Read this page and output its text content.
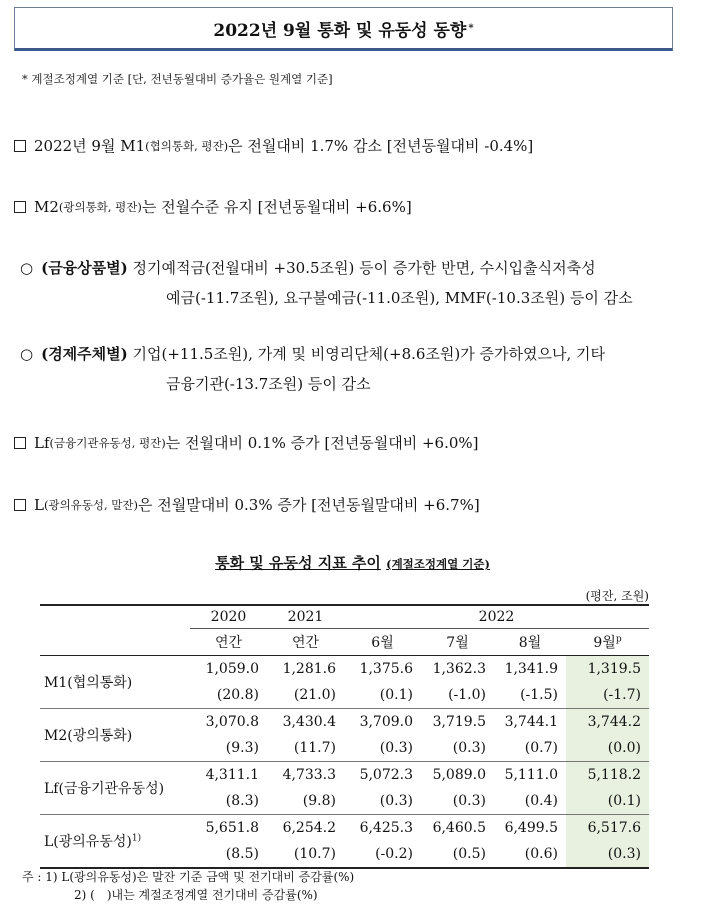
2022년 9월 통화 및 유동성 동향 *
* 계절조정계열 기준 [단, 전년동월대비 증가율은 원계열 기준]
2022년 9월 M1 (협의통화, 평잔) 은 전월대비 1.7% 감소 [전년동월대비 -0.4%]
M2 (광의통화, 평잔) 는 전월수준 유지 [전년동월대비 +6.6%]
○ (금융상품별) 정기예적금(전월대비 +30.5조원) 등이 증가한 반면, 수시입출식저축성
예금(-11.7조원), 요구불예금(-11.0조원), MMF(-10.3조원) 등이 감소
○ (경제주체별) 기업(+11.5조원), 가계 및 비영리단체(+8.6조원)가 증가하였으나, 기타
금융기관(-13.7조원) 등이 감소
Lf (금융기관유동성, 평잔) 는 전월대비 0.1% 증가 [전년동월대비 +6.0%]
L (광의유동성, 말잔) 은 전월말대비 0.3% 증가 [전년동월말대비 +6.7%]
통화 및 유동성 지표 추이 (계절조정계열 기준)
(평잔, 조원)
	2020	2021	2022			
	연간	연간	6월	7월	8월	9월$^p$
M1(협의통화)	1,059.0	1,281.6	1,375.6	1,362.3	1,341.9	1,319.5
	(20.8)	(21.0)	(0.1)	(-1.0)	(-1.5)	(-1.7)
M2(광의통화)	3,070.8	3,430.4	3,709.0	3,719.5	3,744.1	3,744.2
	(9.3)	(11.7)	(0.3)	(0.3)	(0.7)	(0.0)
Lf(금융기관유동성)	4,311.1	4,733.3	5,072.3	5,089.0	5,111.0	5,118.2
	(8.3)	(9.8)	(0.3)	(0.3)	(0.4)	(0.1)
L(광의유동성)$^{1)}$	5,651.8	6,254.2	6,425.3	6,460.5	6,499.5	6,517.6
	(8.5)	(10.7)	(-0.2)	(0.5)	(0.6)	(0.3)

주 : 1) L(광의유동성)은 말잔 기준 금액 및 전기대비 증감률(%)
2) (　)내는 계절조정계열 전기대비 증감률(%)
